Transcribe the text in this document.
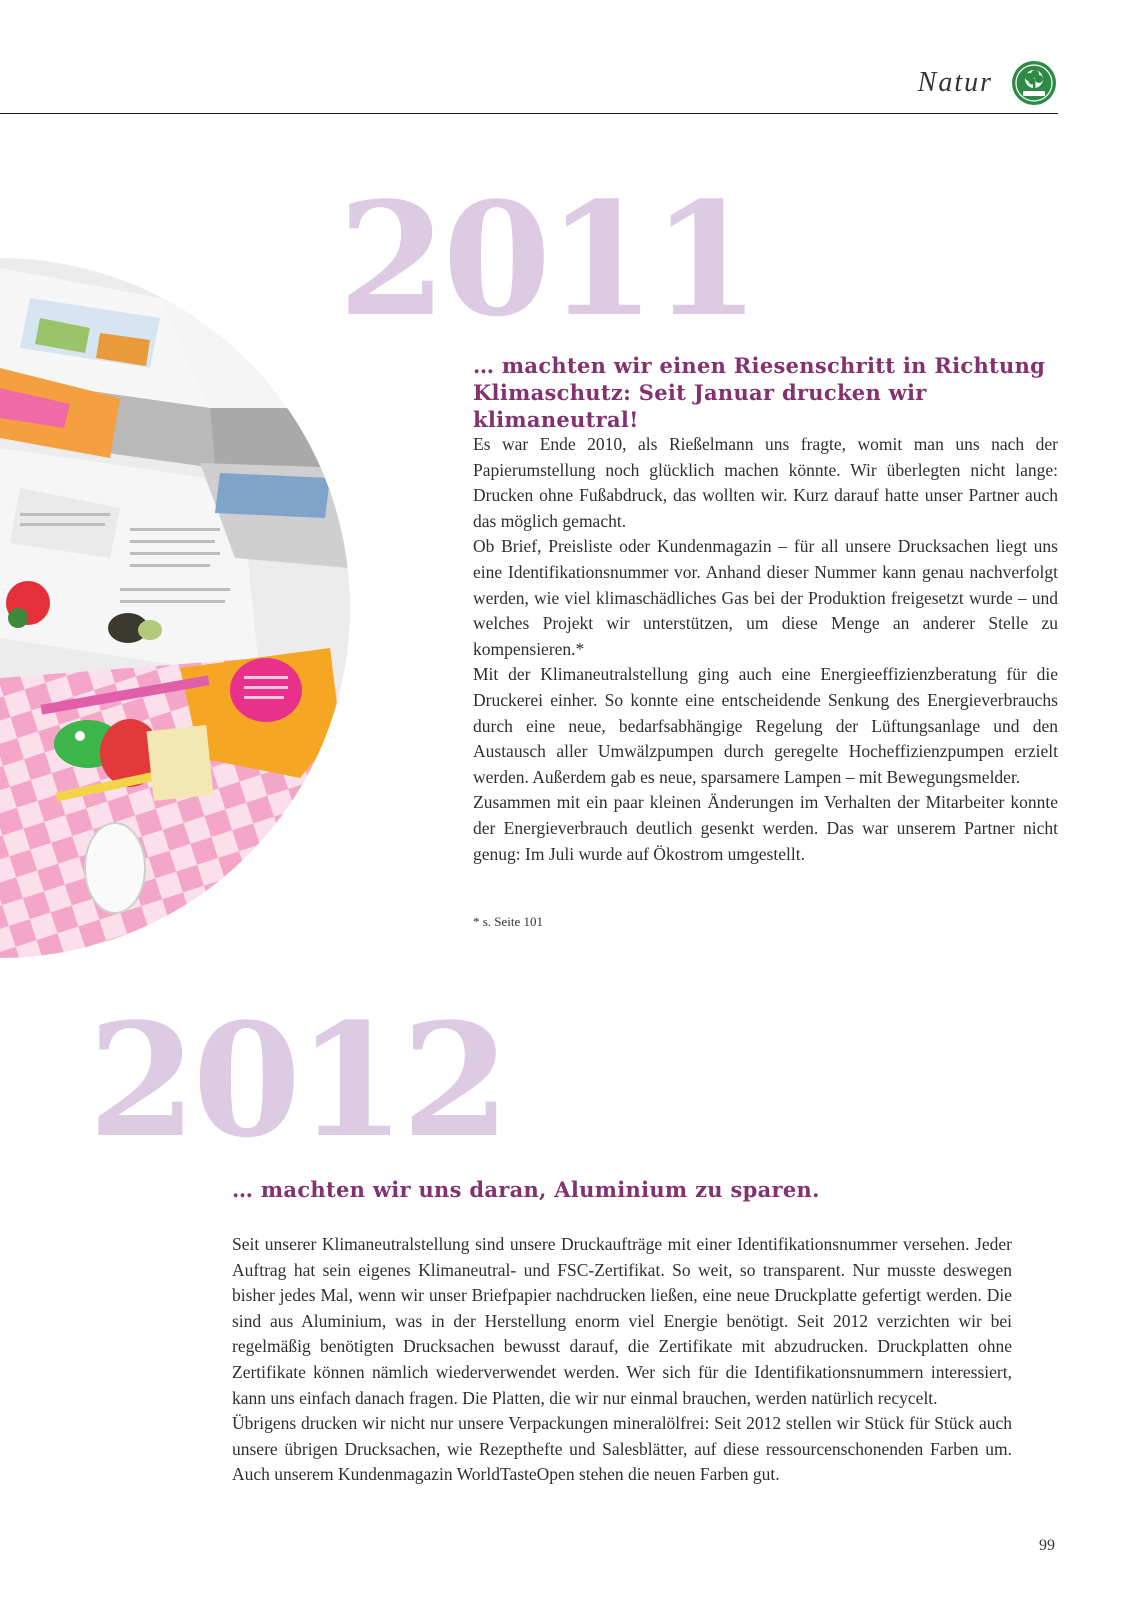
Natur
2011
… machten wir einen Riesenschritt in Richtung
Klimaschutz: Seit Januar drucken wir klimaneutral!

Es war Ende 2010, als Rießelmann uns fragte, womit man uns nach der Papierumstellung noch glücklich machen könnte. Wir überlegten nicht lange: Drucken ohne Fußabdruck, das wollten wir. Kurz darauf hatte unser Partner auch das möglich gemacht.

Ob Brief, Preisliste oder Kundenmagazin – für all unsere Drucksachen liegt uns eine Identifikationsnummer vor. Anhand dieser Nummer kann genau nachverfolgt werden, wie viel klimaschädliches Gas bei der Produktion freigesetzt wurde – und welches Projekt wir unterstützen, um diese Menge an anderer Stelle zu kompensieren.*

Mit der Klimaneutralstellung ging auch eine Energieeffizienzberatung für die Druckerei einher. So konnte eine entscheidende Senkung des Energieverbrauchs durch eine neue, bedarfsabhängige Regelung der Lüftungsanlage und den Austausch aller Umwälzpumpen durch geregelte Hocheffizienzpumpen erzielt werden. Außerdem gab es neue, sparsamere Lampen – mit Bewegungsmelder.

Zusammen mit ein paar kleinen Änderungen im Verhalten der Mitarbeiter konnte der Energieverbrauch deutlich gesenkt werden. Das war unserem Partner nicht genug: Im Juli wurde auf Ökostrom umgestellt.

* s. Seite 101
2012
… machten wir uns daran, Aluminium zu sparen.

Seit unserer Klimaneutralstellung sind unsere Druckaufträge mit einer Identifikationsnummer versehen. Jeder Auftrag hat sein eigenes Klimaneutral- und FSC-Zertifikat. So weit, so transparent. Nur musste deswegen bisher jedes Mal, wenn wir unser Briefpapier nachdrucken ließen, eine neue Druckplatte gefertigt werden. Die sind aus Aluminium, was in der Herstellung enorm viel Energie benötigt. Seit 2012 verzichten wir bei regelmäßig benötigten Drucksachen bewusst darauf, die Zertifikate mit abzudrucken. Druckplatten ohne Zertifikate können nämlich wiederverwendet werden. Wer sich für die Identifikationsnummern interessiert, kann uns einfach danach fragen. Die Platten, die wir nur einmal brauchen, werden natürlich recycelt.

Übrigens drucken wir nicht nur unsere Verpackungen mineralölfrei: Seit 2012 stellen wir Stück für Stück auch unsere übrigen Drucksachen, wie Rezepthefte und Salesblätter, auf diese ressourcenschonenden Farben um. Auch unserem Kundenmagazin WorldTasteOpen stehen die neuen Farben gut.

99
